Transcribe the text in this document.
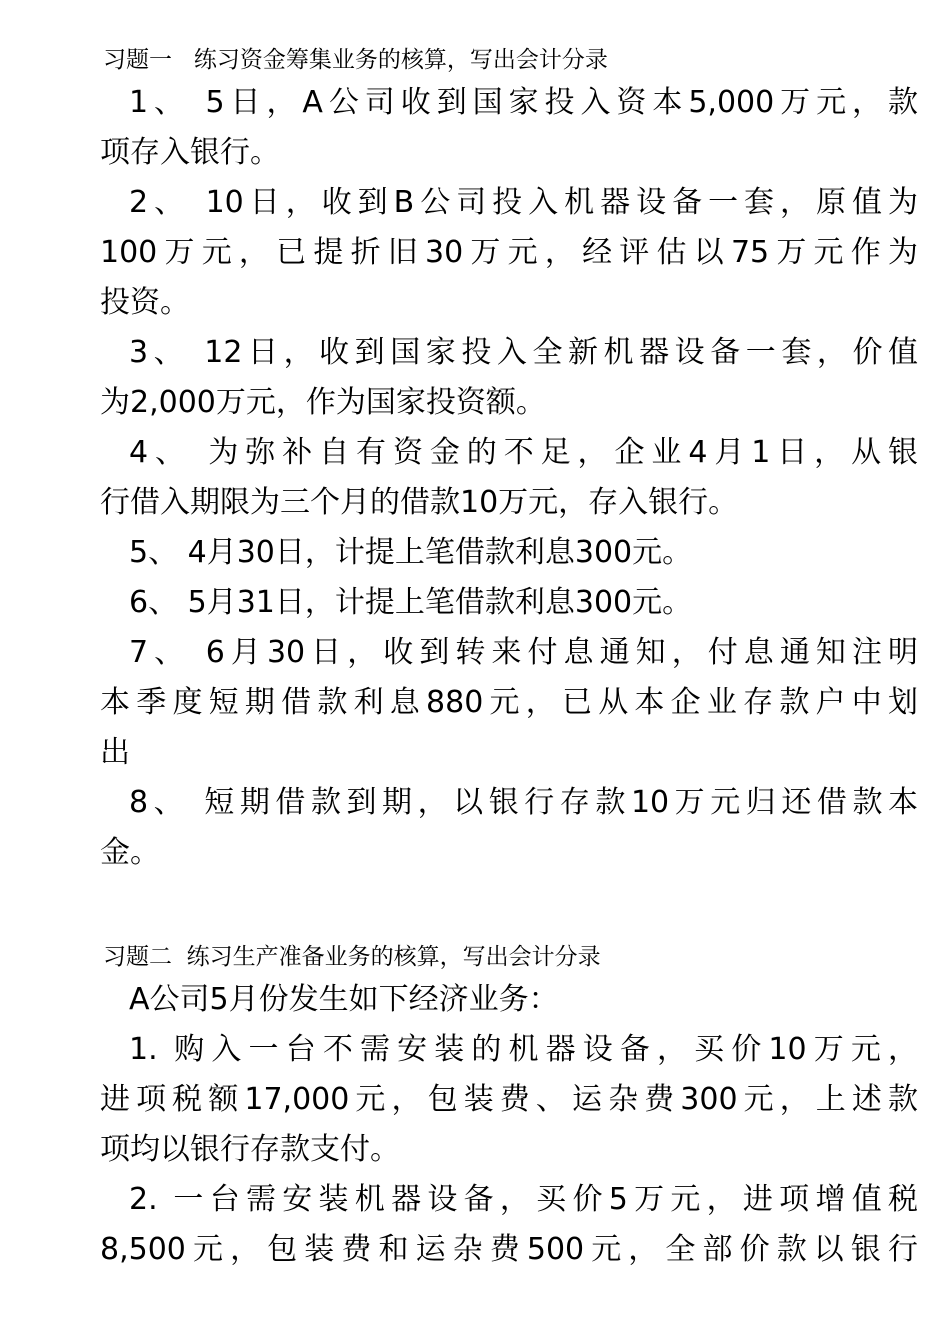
习题一   练习资金筹集业务的核算，写出会计分录
1、 5日，A公司收到国家投入资本5,000万元，款
项存入银行。
2、 10日，收到B公司投入机器设备一套，原值为
100万元，已提折旧30万元，经评估以75万元作为
投资。
3、 12日，收到国家投入全新机器设备一套，价值
为2,000万元，作为国家投资额。
4、 为弥补自有资金的不足，企业4月1日，从银
行借入期限为三个月的借款10万元，存入银行。
5、 4月30日，计提上笔借款利息300元。
6、 5月31日，计提上笔借款利息300元。
7、 6月30日，收到转来付息通知，付息通知注明
本季度短期借款利息880元，已从本企业存款户中划
出
8、 短期借款到期，以银行存款10万元归还借款本
金。
习题二  练习生产准备业务的核算，写出会计分录
A公司5月份发生如下经济业务：
1. 购入一台不需安装的机器设备，买价10万元，
进项税额17,000元，包装费、运杂费300元，上述款
项均以银行存款支付。
2. 一台需安装机器设备，买价5万元，进项增值税
8,500元，包装费和运杂费500元，全部价款以银行
